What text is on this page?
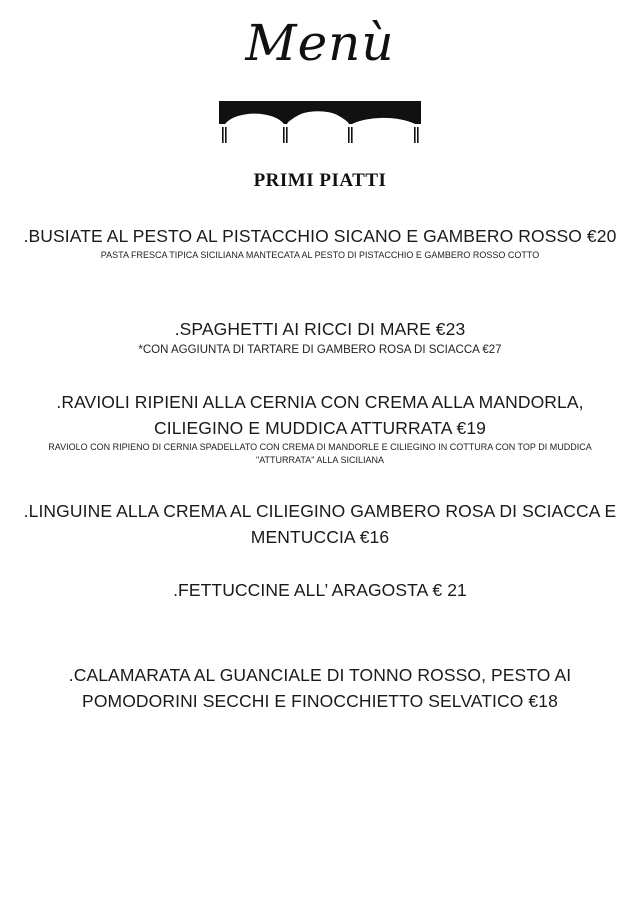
Menù
PRIMI PIATTI
.BUSIATE AL PESTO AL PISTACCHIO SICANO E GAMBERO ROSSO €20
PASTA FRESCA TIPICA SICILIANA MANTECATA AL PESTO DI PISTACCHIO E GAMBERO ROSSO COTTO
.SPAGHETTI AI RICCI DI MARE €23
*CON AGGIUNTA DI TARTARE DI GAMBERO ROSA DI SCIACCA €27
.RAVIOLI RIPIENI ALLA CERNIA CON CREMA ALLA MANDORLA,
CILIEGINO E MUDDICA ATTURRATA €19
RAVIOLO CON RIPIENO DI CERNIA SPADELLATO CON CREMA DI MANDORLE E CILIEGINO IN COTTURA CON TOP DI MUDDICA
"ATTURRATA" ALLA SICILIANA
.LINGUINE ALLA CREMA AL CILIEGINO GAMBERO ROSA DI SCIACCA E
MENTUCCIA €16
.FETTUCCINE ALL’ ARAGOSTA € 21
.CALAMARATA AL GUANCIALE DI TONNO ROSSO, PESTO AI
POMODORINI SECCHI E FINOCCHIETTO SELVATICO €18
